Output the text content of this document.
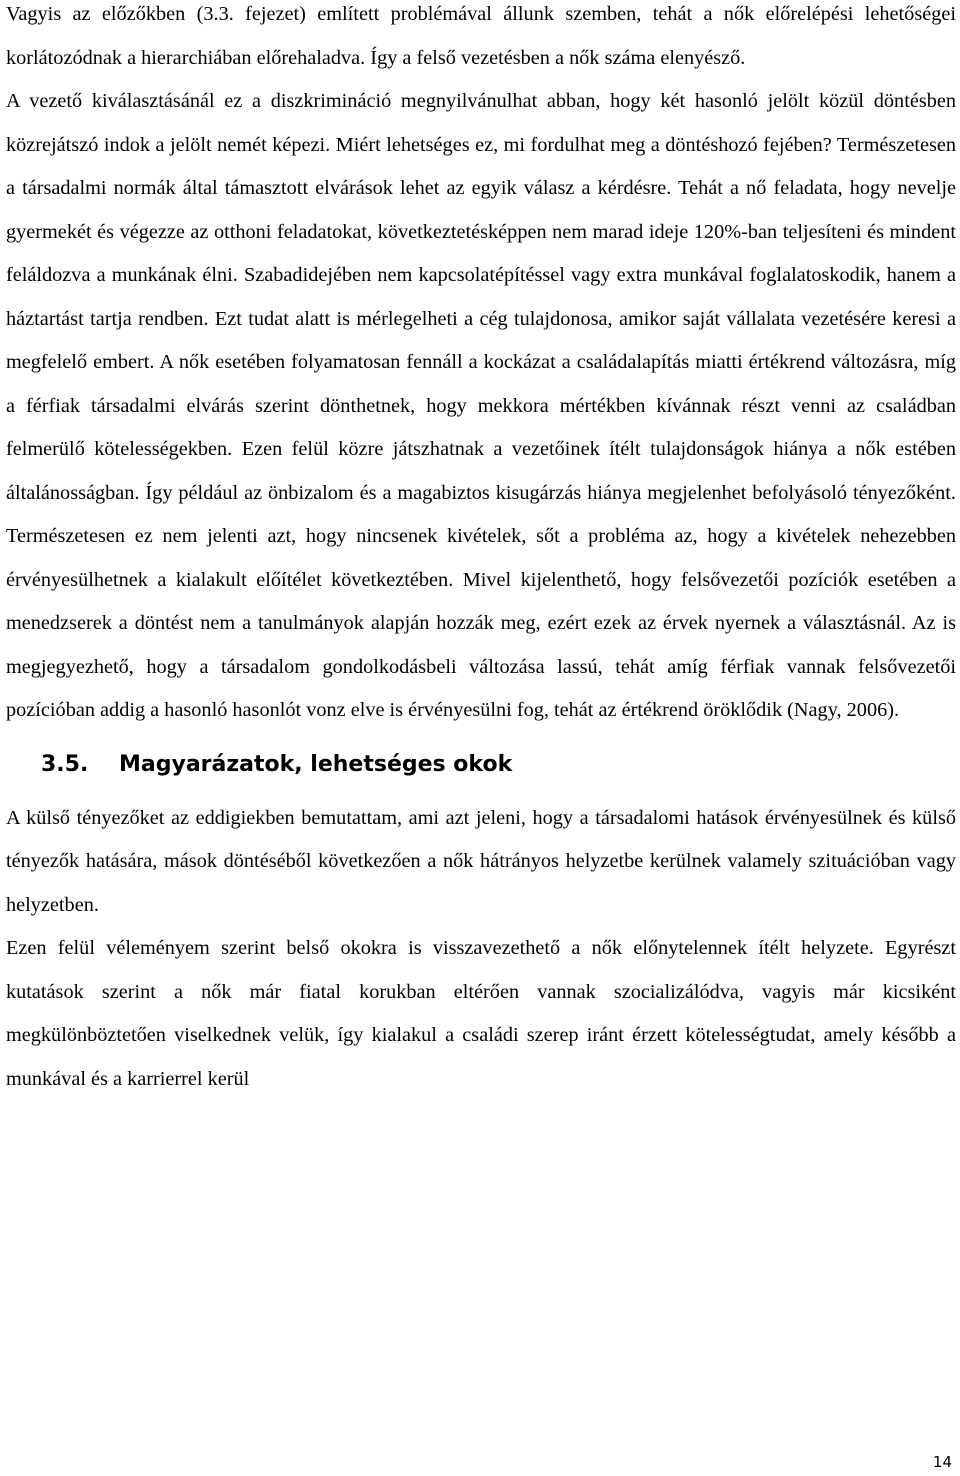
Vagyis az előzőkben (3.3. fejezet) említett problémával állunk szemben, tehát a nők előrelépési lehetőségei korlátozódnak a hierarchiában előrehaladva. Így a felső vezetésben a nők száma elenyésző.

A vezető kiválasztásánál ez a diszkrimináció megnyilvánulhat abban, hogy két hasonló jelölt közül döntésben közrejátszó indok a jelölt nemét képezi. Miért lehetséges ez, mi fordulhat meg a döntéshozó fejében? Természetesen a társadalmi normák által támasztott elvárások lehet az egyik válasz a kérdésre. Tehát a nő feladata, hogy nevelje gyermekét és végezze az otthoni feladatokat, következtetésképpen nem marad ideje 120%-ban teljesíteni és mindent feláldozva a munkának élni. Szabadidejében nem kapcsolatépítéssel vagy extra munkával foglalatoskodik, hanem a háztartást tartja rendben. Ezt tudat alatt is mérlegelheti a cég tulajdonosa, amikor saját vállalata vezetésére keresi a megfelelő embert. A nők esetében folyamatosan fennáll a kockázat a családalapítás miatti értékrend változásra, míg a férfiak társadalmi elvárás szerint dönthetnek, hogy mekkora mértékben kívánnak részt venni az családban felmerülő kötelességekben. Ezen felül közre játszhatnak a vezetőinek ítélt tulajdonságok hiánya a nők estében általánosságban. Így például az önbizalom és a magabiztos kisugárzás hiánya megjelenhet befolyásoló tényezőként. Természetesen ez nem jelenti azt, hogy nincsenek kivételek, sőt a probléma az, hogy a kivételek nehezebben érvényesülhetnek a kialakult előítélet következtében. Mivel kijelenthető, hogy felsővezetői pozíciók esetében a menedzserek a döntést nem a tanulmányok alapján hozzák meg, ezért ezek az érvek nyernek a választásnál. Az is megjegyezhető, hogy a társadalom gondolkodásbeli változása lassú, tehát amíg férfiak vannak felsővezetői pozícióban addig a hasonló hasonlót vonz elve is érvényesülni fog, tehát az értékrend öröklődik (Nagy, 2006).

3.5. Magyarázatok, lehetséges okok

A külső tényezőket az eddigiekben bemutattam, ami azt jeleni, hogy a társadalomi hatások érvényesülnek és külső tényezők hatására, mások döntéséből következően a nők hátrányos helyzetbe kerülnek valamely szituációban vagy helyzetben.

Ezen felül véleményem szerint belső okokra is visszavezethető a nők előnytelennek ítélt helyzete. Egyrészt kutatások szerint a nők már fiatal korukban eltérően vannak szocializálódva, vagyis már kicsiként megkülönböztetően viselkednek velük, így kialakul a családi szerep iránt érzett kötelességtudat, amely később a munkával és a karrierrel kerül

14
